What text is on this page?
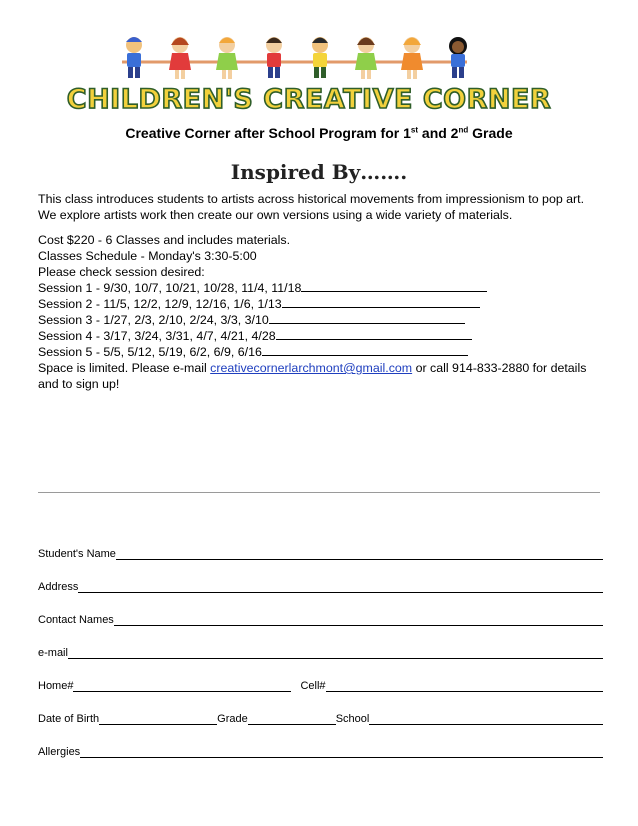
CHILDREN'S CREATIVE CORNER
Creative Corner after School Program for 1st and 2nd Grade
Inspired By…….

This class introduces students to artists across historical movements from impressionism to pop art. We explore artists work then create our own versions using a wide variety of materials.

Cost $220 - 6 Classes and includes materials.

Classes Schedule - Monday's 3:30-5:00

Please check session desired:

Session 1 - 9/30, 10/7, 10/21, 10/28, 11/4, 11/18

Session 2 - 11/5, 12/2, 12/9, 12/16, 1/6, 1/13

Session 3 - 1/27, 2/3, 2/10, 2/24, 3/3, 3/10

Session 4 - 3/17, 3/24, 3/31, 4/7, 4/21, 4/28

Session 5 - 5/5, 5/12, 5/19, 6/2, 6/9, 6/16

Space is limited. Please e-mail creativecornerlarchmont@gmail.com or call 914-833-2880 for details and to sign up!

Student's Name
Address
Contact Names
e-mail
Home#	Cell#
Date of Birth	Grade	School
Allergies
